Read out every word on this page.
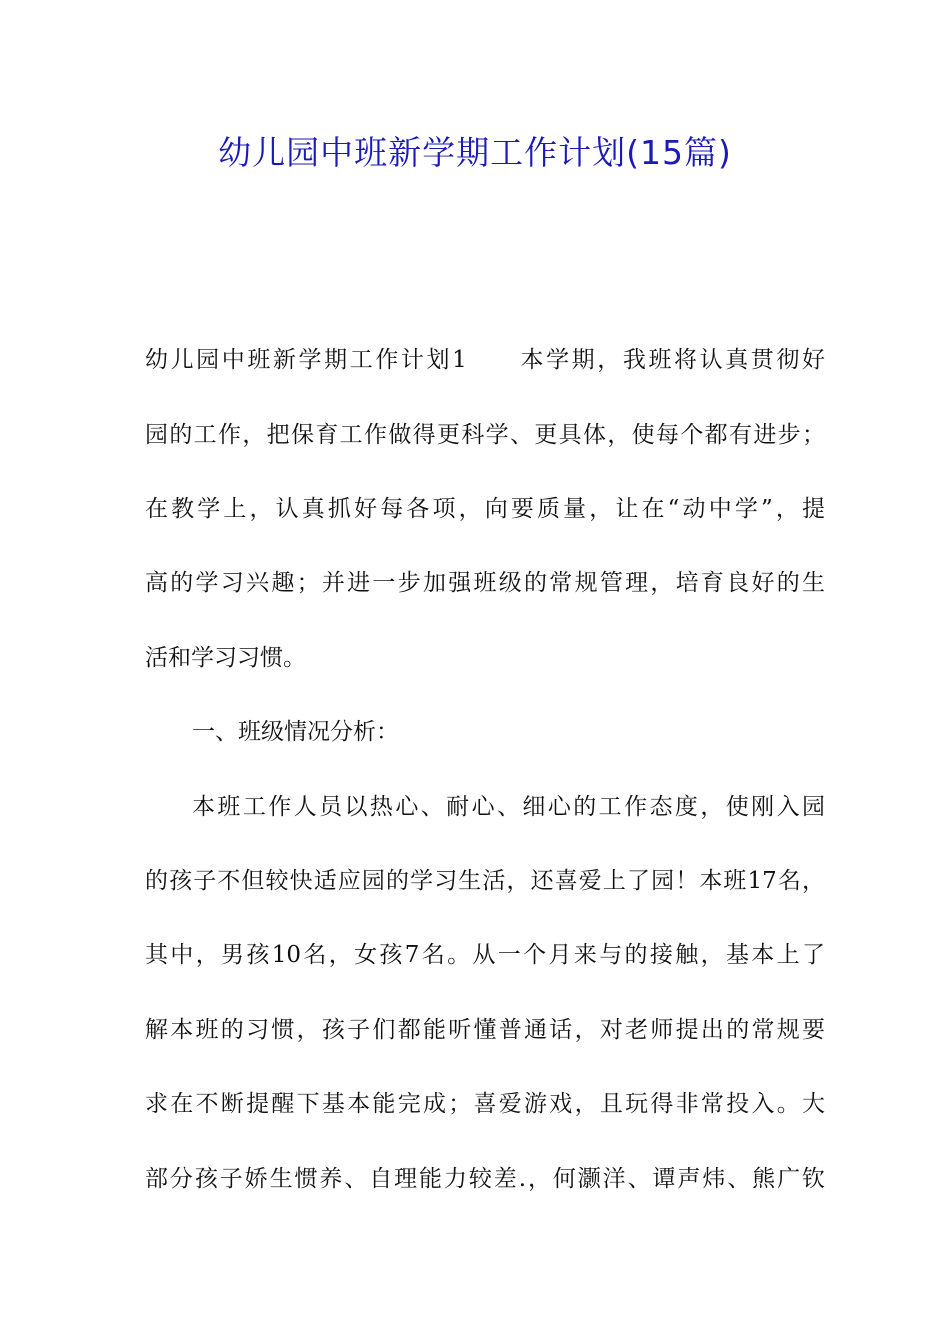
幼儿园中班新学期工作计划(15篇)

幼儿园中班新学期工作计划1　　本学期，我班将认真贯彻好

园的工作，把保育工作做得更科学、更具体，使每个都有进步；

在教学上，认真抓好每各项，向要质量，让在“动中学”，提

高的学习兴趣；并进一步加强班级的常规管理，培育良好的生

活和学习习惯。

一、班级情况分析：

本班工作人员以热心、耐心、细心的工作态度，使刚入园

的孩子不但较快适应园的学习生活，还喜爱上了园！本班17名，

其中，男孩10名，女孩7名。从一个月来与的接触，基本上了

解本班的习惯，孩子们都能听懂普通话，对老师提出的常规要

求在不断提醒下基本能完成；喜爱游戏，且玩得非常投入。大

部分孩子娇生惯养、自理能力较差.，何灏洋、谭声炜、熊广钦
